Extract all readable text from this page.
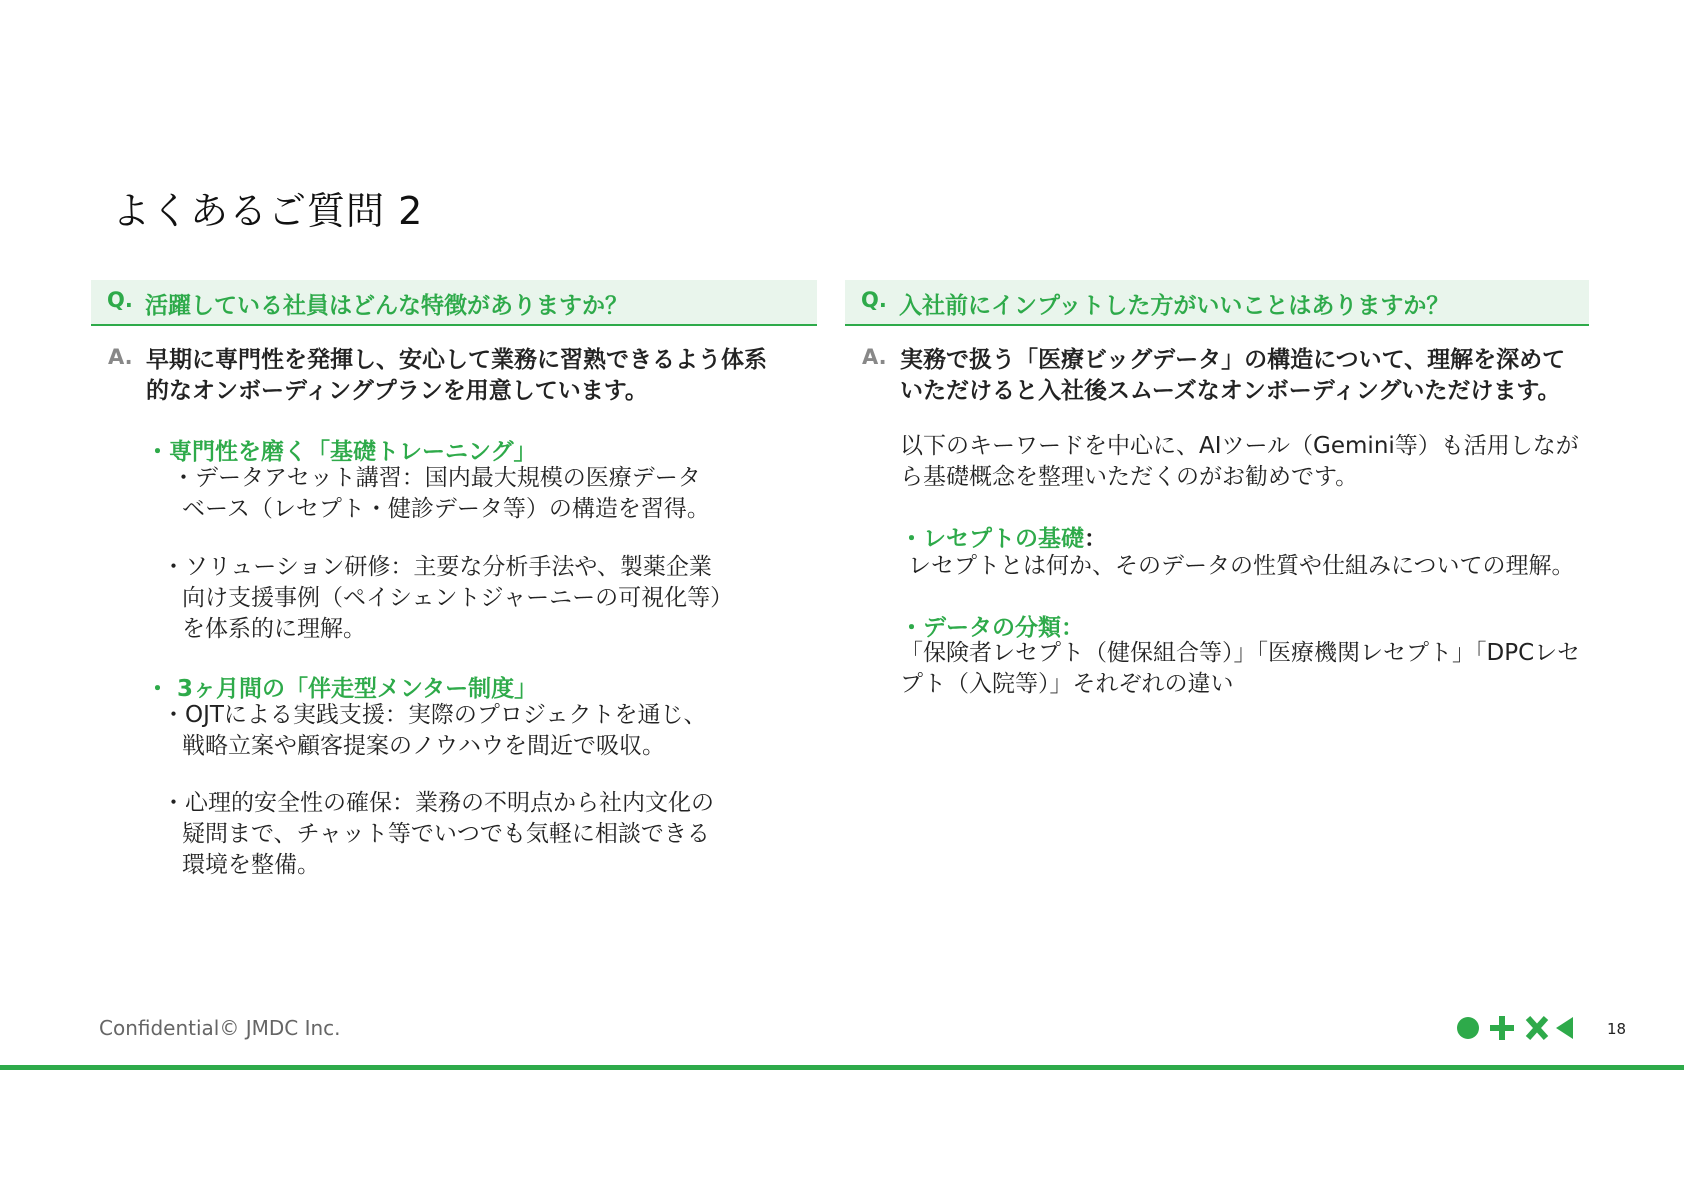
よくあるご質問 2
Q. 活躍している社員はどんな特徴がありますか？	Q. 入社前にインプットした方がいいことはありますか？
A. 早期に専門性を発揮し、安心して業務に習熟できるよう体系
的なオンボーディングプランを用意しています。
・専門性を磨く「基礎トレーニング」
・データアセット講習：国内最大規模の医療データ
ベース（レセプト・健診データ等）の構造を習得。
・ソリューション研修：主要な分析手法や、製薬企業
向け支援事例（ペイシェントジャーニーの可視化等）
を体系的に理解。
・ 3ヶ月間の「伴走型メンター制度」
・OJTによる実践支援：実際のプロジェクトを通じ、
戦略立案や顧客提案のノウハウを間近で吸収。
・心理的安全性の確保：業務の不明点から社内文化の
疑問まで、チャット等でいつでも気軽に相談できる
環境を整備。
A. 実務で扱う「医療ビッグデータ」の構造について、理解を深めて
いただけると入社後スムーズなオンボーディングいただけます。
以下のキーワードを中心に、AIツール（Gemini等）も活用しなが
ら基礎概念を整理いただくのがお勧めです。
・レセプトの基礎：
レセプトとは何か、そのデータの性質や仕組みについての理解。
・データの分類：
「保険者レセプト（健保組合等）」「医療機関レセプト」「DPCレセ
プト（入院等）」それぞれの違い
Confidential© JMDC Inc.	18
